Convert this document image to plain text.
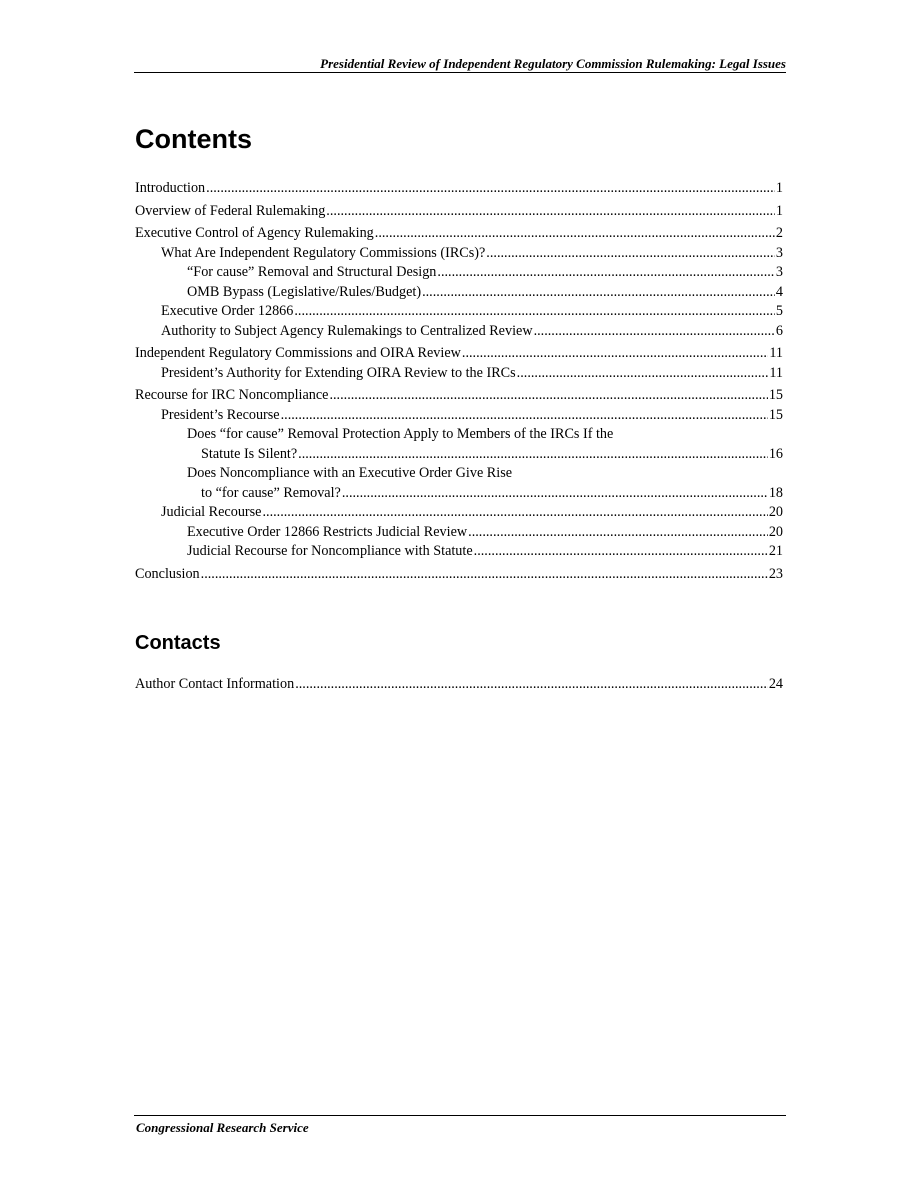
Presidential Review of Independent Regulatory Commission Rulemaking: Legal Issues
Contents
Introduction .....	1
Overview of Federal Rulemaking .....	1
Executive Control of Agency Rulemaking .....	2
What Are Independent Regulatory Commissions (IRCs)? .....	3
“For cause” Removal and Structural Design .....	3
OMB Bypass (Legislative/Rules/Budget) .....	4
Executive Order 12866 .....	5
Authority to Subject Agency Rulemakings to Centralized Review .....	6
Independent Regulatory Commissions and OIRA Review .....	11
President’s Authority for Extending OIRA Review to the IRCs .....	11
Recourse for IRC Noncompliance .....	15
President’s Recourse .....	15
Does “for cause” Removal Protection Apply to Members of the IRCs If the
Statute Is Silent? .....	16
Does Noncompliance with an Executive Order Give Rise
to “for cause” Removal? .....	18
Judicial Recourse .....	20
Executive Order 12866 Restricts Judicial Review .....	20
Judicial Recourse for Noncompliance with Statute .....	21
Conclusion .....	23
Contacts
Author Contact Information .....	24
Congressional Research Service
